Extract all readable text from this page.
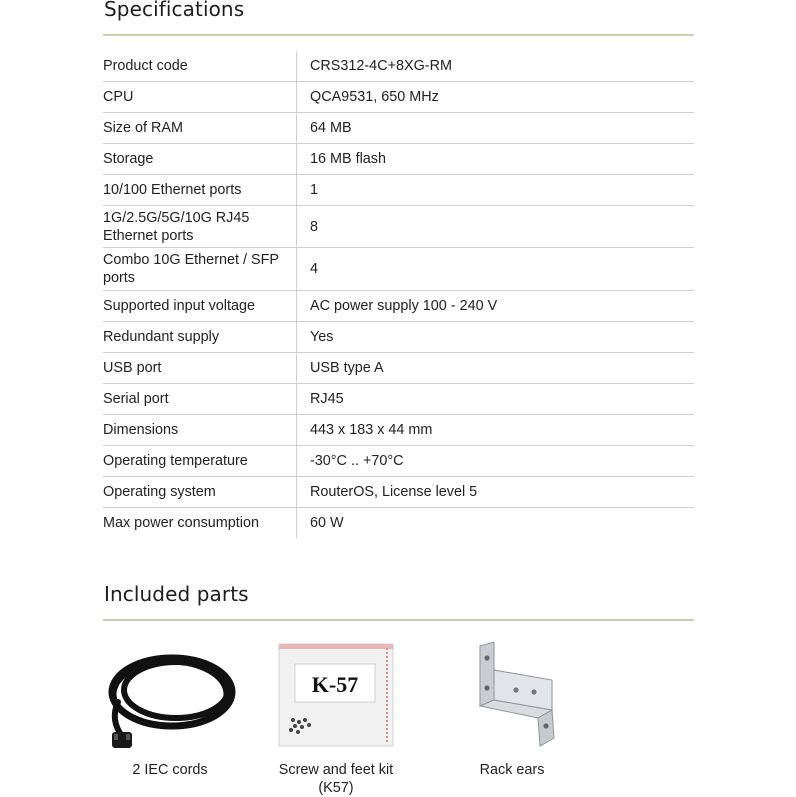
Specifications
Product code	CRS312-4C+8XG-RM
CPU	QCA9531, 650 MHz
Size of RAM	64 MB
Storage	16 MB flash
10/100 Ethernet ports	1
1G/2.5G/5G/10G RJ45 Ethernet ports	8
Combo 10G Ethernet / SFP ports	4
Supported input voltage	AC power supply 100 - 240 V
Redundant supply	Yes
USB port	USB type A
Serial port	RJ45
Dimensions	443 x 183 x 44 mm
Operating temperature	-30°C .. +70°C
Operating system	RouterOS, License level 5
Max power consumption	60 W
Included parts
2 IEC cords
K-57
Screw and feet kit (K57)
Rack ears
